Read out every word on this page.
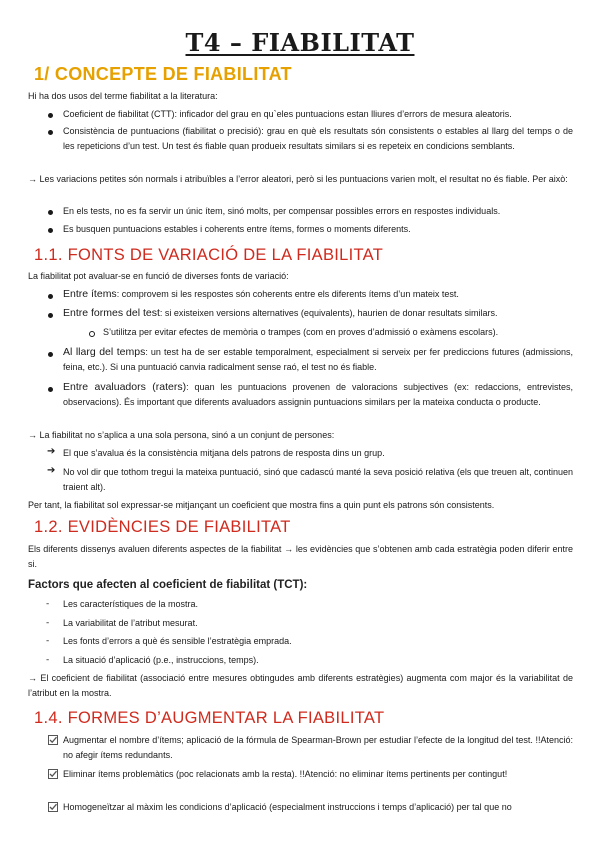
T4 – FIABILITAT
1/ CONCEPTE DE FIABILITAT
Hi ha dos usos del terme fiabilitat a la literatura:
Coeficient de fiabilitat (CTT): inficador del grau en qu`eles puntuacions estan lliures d’errors de mesura aleatoris.
Consistència de puntuacions (fiabilitat o precisió): grau en què els resultats són consistents o estables al llarg del temps o de les repeticions d’un test. Un test és fiable quan produeix resultats similars si es repeteix en condicions semblants.
→ Les variacions petites són normals i atribuïbles a l’error aleatori, però si les puntuacions varien molt, el resultat no és fiable. Per això:
En els tests, no es fa servir un únic ítem, sinó molts, per compensar possibles errors en respostes individuals.
Es busquen puntuacions estables i coherents entre ítems, formes o moments diferents.
1.1. FONTS DE VARIACIÓ DE LA FIABILITAT
La fiabilitat pot avaluar-se en funció de diverses fonts de variació:
Entre ítems: comprovem si les respostes són coherents entre els diferents ítems d’un mateix test.
Entre formes del test: si existeixen versions alternatives (equivalents), haurien de donar resultats similars.
S’utilitza per evitar efectes de memòria o trampes (com en proves d’admissió o exàmens escolars).
Al llarg del temps: un test ha de ser estable temporalment, especialment si serveix per fer prediccions futures (admissions, feina, etc.). Si una puntuació canvia radicalment sense raó, el test no és fiable.
Entre avaluadors (raters): quan les puntuacions provenen de valoracions subjectives (ex: redaccions, entrevistes, observacions). És important que diferents avaluadors assignin puntuacions similars per la mateixa conducta o producte.
→ La fiabilitat no s’aplica a una sola persona, sinó a un conjunt de persones:
➔ El que s’avalua és la consistència mitjana dels patrons de resposta dins un grup.
➔ No vol dir que tothom tregui la mateixa puntuació, sinó que cadascú manté la seva posició relativa (els que treuen alt, continuen traient alt).
Per tant, la fiabilitat sol expressar-se mitjançant un coeficient que mostra fins a quin punt els patrons són consistents.
1.2. EVIDÈNCIES DE FIABILITAT
Els diferents dissenys avaluen diferents aspectes de la fiabilitat → les evidències que s’obtenen amb cada estratègia poden diferir entre si.
Factors que afecten al coeficient de fiabilitat (TCT):
- Les característiques de la mostra.
- La variabilitat de l’atribut mesurat.
- Les fonts d’errors a què és sensible l’estratègia emprada.
- La situació d’aplicació (p.e., instruccions, temps).
→ El coeficient de fiabilitat (associació entre mesures obtingudes amb diferents estratègies) augmenta com major és la variabilitat de l’atribut en la mostra.
1.4. FORMES D’AUGMENTAR LA FIABILITAT
Augmentar el nombre d’ítems; aplicació de la fórmula de Spearman-Brown per estudiar l’efecte de la longitud del test. !!Atenció: no afegir ítems redundants.
Eliminar ítems problemàtics (poc relacionats amb la resta). !!Atenció: no eliminar ítems pertinents per contingut!
Homogeneïtzar al màxim les condicions d’aplicació (especialment instruccions i temps d’aplicació) per tal que no
